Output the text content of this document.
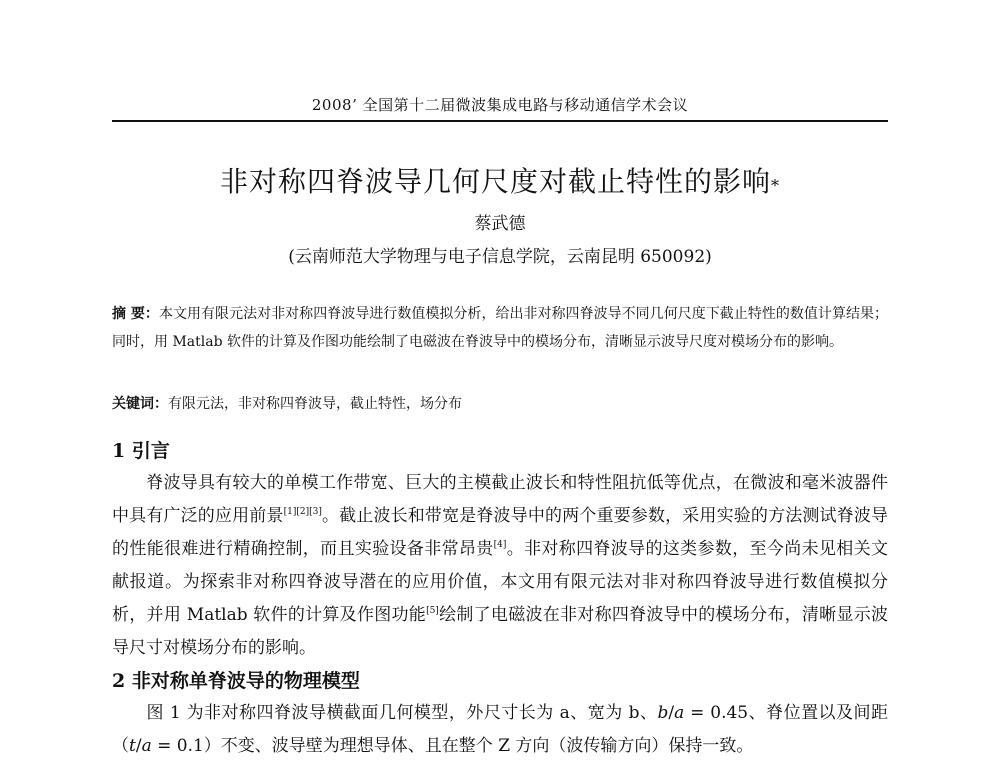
2008’ 全国第十二届微波集成电路与移动通信学术会议
非对称四脊波导几何尺度对截止特性的影响*
蔡武德
(云南师范大学物理与电子信息学院，云南昆明 650092)
摘 要：本文用有限元法对非对称四脊波导进行数值模拟分析，给出非对称四脊波导不同几何尺度下截止特性的数值计算结果；同时，用 Matlab 软件的计算及作图功能绘制了电磁波在脊波导中的模场分布，清晰显示波导尺度对模场分布的影响。
关键词：有限元法，非对称四脊波导，截止特性，场分布
1 引言
脊波导具有较大的单模工作带宽、巨大的主模截止波长和特性阻抗低等优点，在微波和毫米波器件中具有广泛的应用前景[1][2][3]。截止波长和带宽是脊波导中的两个重要参数，采用实验的方法测试脊波导的性能很难进行精确控制，而且实验设备非常昂贵[4]。非对称四脊波导的这类参数，至今尚未见相关文献报道。为探索非对称四脊波导潜在的应用价值，本文用有限元法对非对称四脊波导进行数值模拟分析，并用 Matlab 软件的计算及作图功能[5]绘制了电磁波在非对称四脊波导中的模场分布，清晰显示波导尺寸对模场分布的影响。
2 非对称单脊波导的物理模型
图 1 为非对称四脊波导横截面几何模型，外尺寸长为 a、宽为 b、b/a = 0.45、脊位置以及间距（t/a = 0.1）不变、波导壁为理想导体、且在整个 Z 方向（波传输方向）保持一致。
